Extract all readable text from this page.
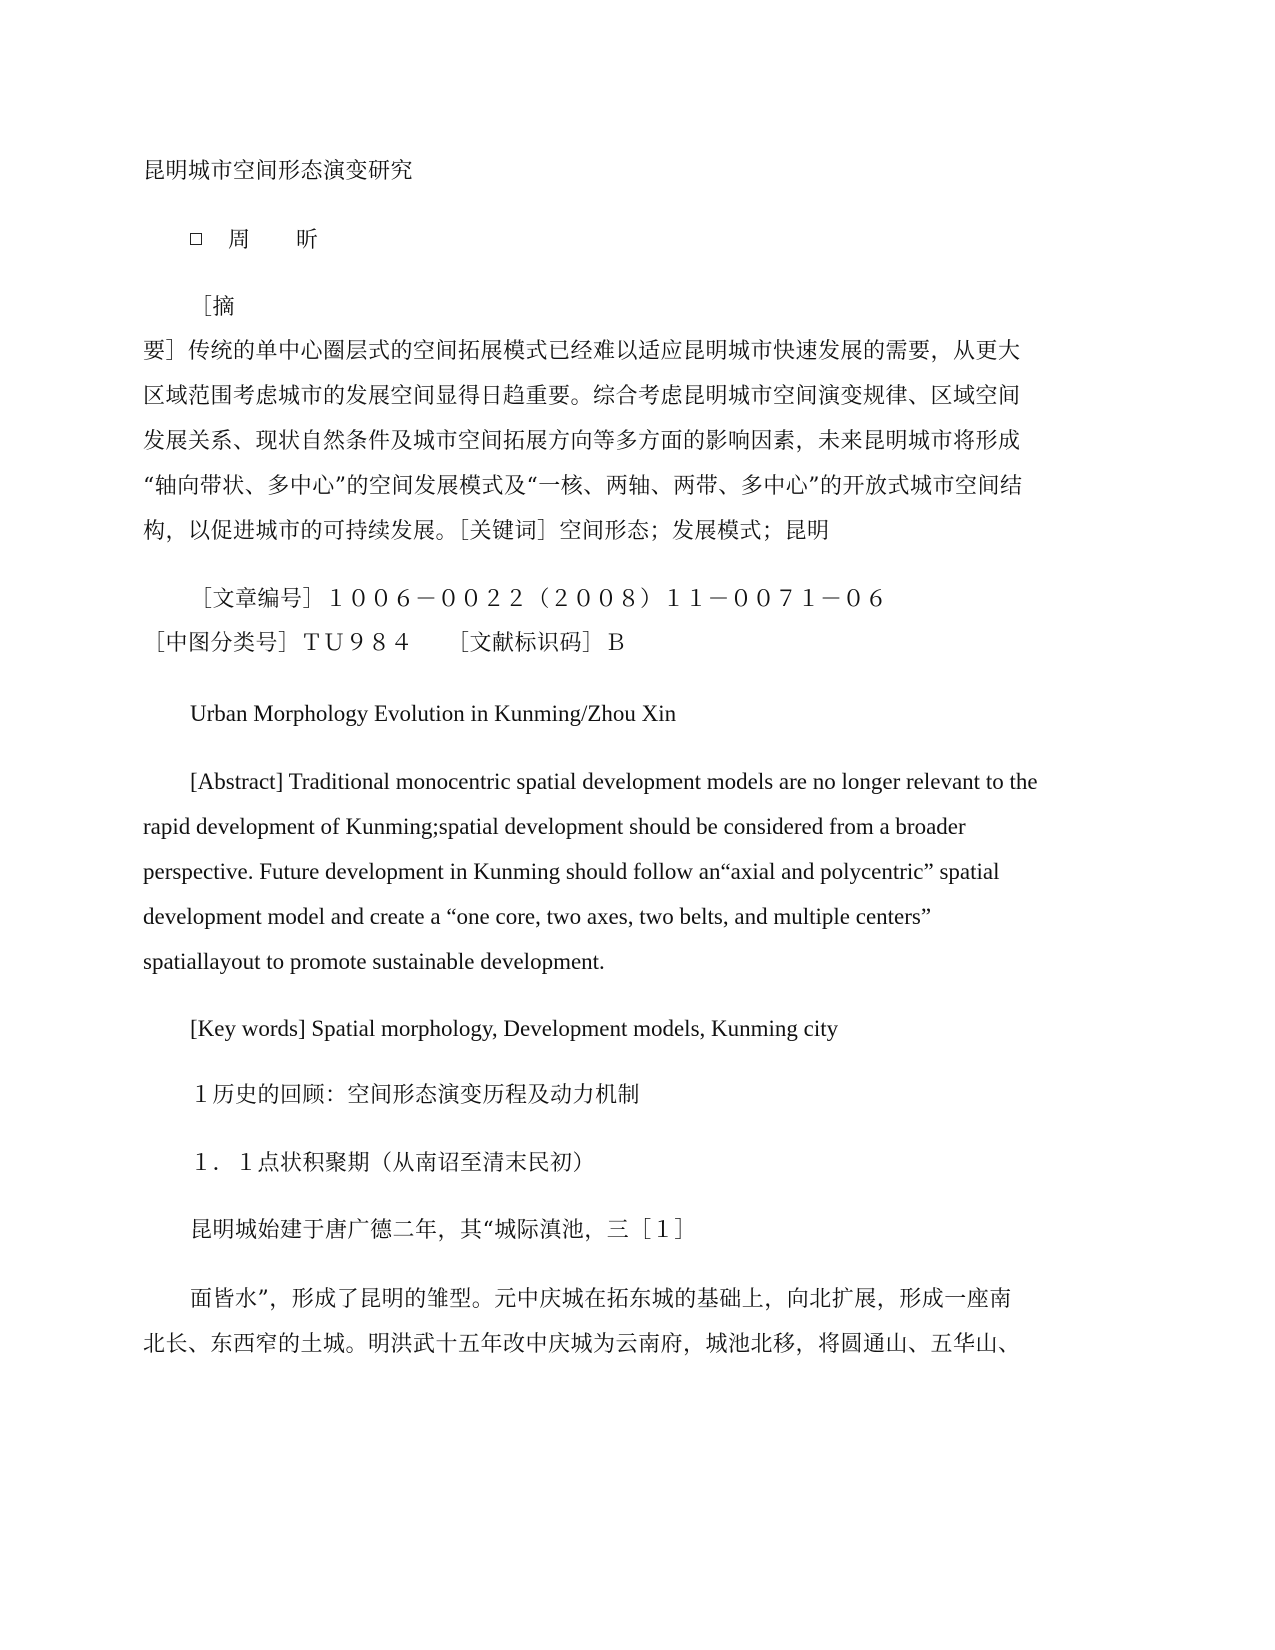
昆明城市空间形态演变研究
周　昕
［摘
要］传统的单中心圈层式的空间拓展模式已经难以适应昆明城市快速发展的需要，从更大
区域范围考虑城市的发展空间显得日趋重要。综合考虑昆明城市空间演变规律、区域空间
发展关系、现状自然条件及城市空间拓展方向等多方面的影响因素，未来昆明城市将形成
“轴向带状、多中心”的空间发展模式及“一核、两轴、两带、多中心”的开放式城市空间结
构，以促进城市的可持续发展。［关键词］空间形态；发展模式；昆明
［文章编号］１００６－００２２（２００８）１１－００７１－０６
［中图分类号］ＴＵ９８４　　［文献标识码］Ｂ
Urban Morphology Evolution in Kunming/Zhou Xin
[Abstract] Traditional monocentric spatial development models are no longer relevant to the
rapid development of Kunming;spatial development should be considered from a broader
perspective. Future development in Kunming should follow an“axial and polycentric” spatial
development model and create a “one core, two axes, two belts, and multiple centers”
spatiallayout to promote sustainable development.
[Key words] Spatial morphology, Development models, Kunming city
１历史的回顾：空间形态演变历程及动力机制
１．１点状积聚期（从南诏至清末民初）
昆明城始建于唐广德二年，其“城际滇池，三［１］
面皆水”，形成了昆明的雏型。元中庆城在拓东城的基础上，向北扩展，形成一座南
北长、东西窄的土城。明洪武十五年改中庆城为云南府，城池北移，将圆通山、五华山、
